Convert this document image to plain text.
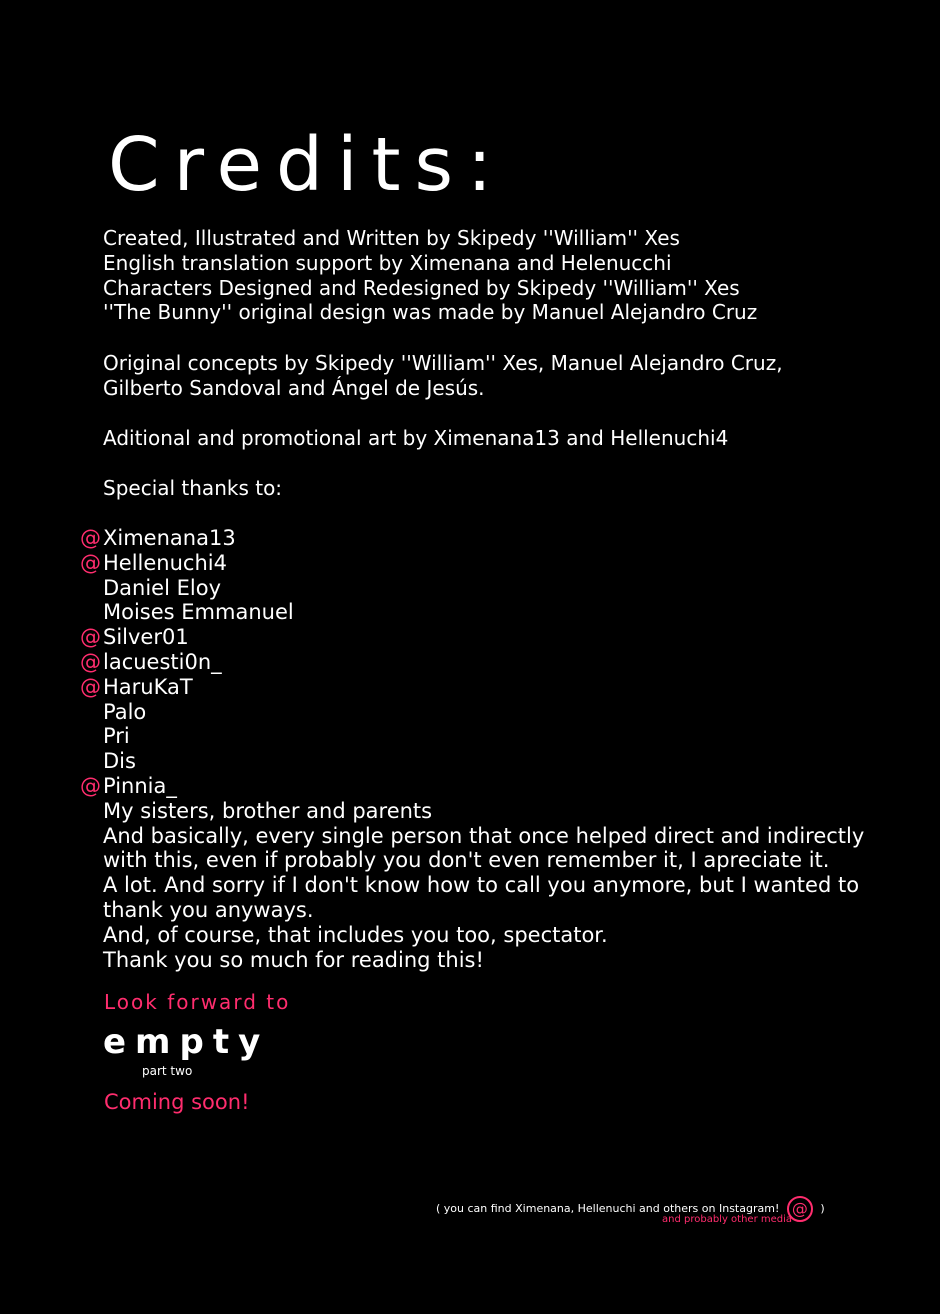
Credits:
Created, Illustrated and Written by Skipedy ''William'' Xes
English translation support by Ximenana and Helenucchi
Characters Designed and Redesigned by Skipedy ''William'' Xes
''The Bunny'' original design was made by Manuel Alejandro Cruz
Original concepts by Skipedy ''William'' Xes, Manuel Alejandro Cruz,
Gilberto Sandoval and Ángel de Jesús.
Aditional and promotional art by Ximenana13 and Hellenuchi4
Special thanks to:
@Ximenana13
@Hellenuchi4
Daniel Eloy
Moises Emmanuel
@Silver01
@lacuesti0n_
@HaruKaT
Palo
Pri
Dis
@Pinnia_
My sisters, brother and parents
And basically, every single person that once helped direct and indirectly
with this, even if probably you don't even remember it, I apreciate it.
A lot. And sorry if I don't know how to call you anymore, but I wanted to
thank you anyways.
And, of course, that includes you too, spectator.
Thank you so much for reading this!
Look forward to
empty
part two
Coming soon!
( you can find Ximenana, Hellenuchi and others on Instagram! @ )
and probably other media
